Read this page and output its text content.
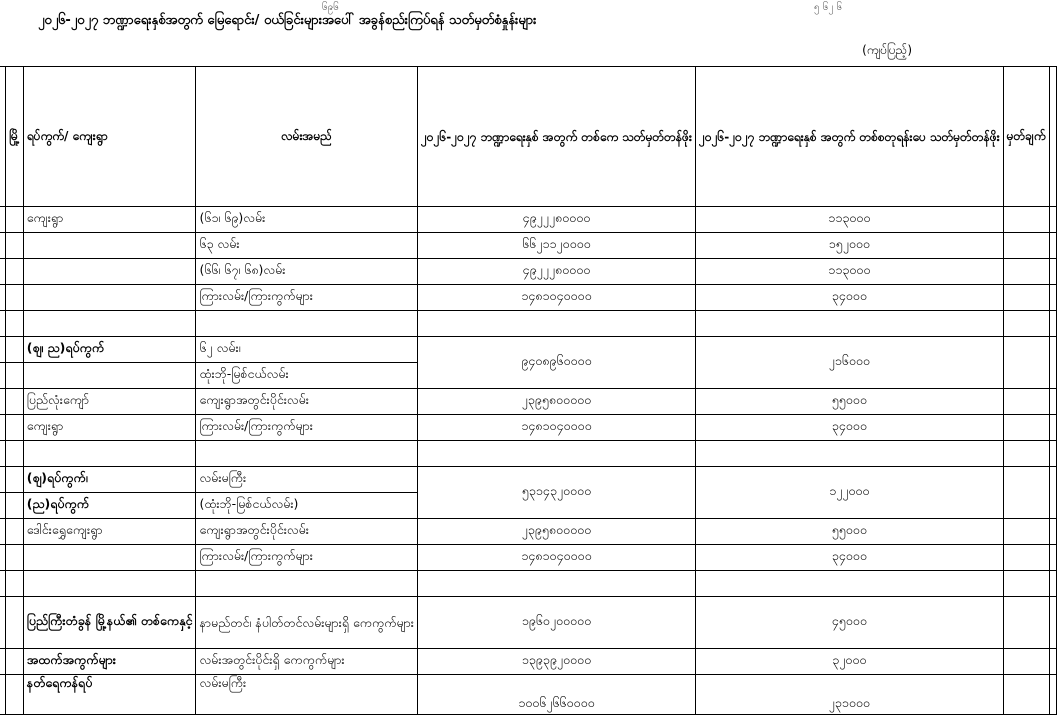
၆၉၆	၅ ၆၂ ၆
၂၀၂၆-၂၀၂၇ ဘဏ္ဍာရေးနှစ်အတွက် မြေရောင်း/ ဝယ်ခြင်းများအပေါ် အခွန်စည်းကြပ်ရန် သတ်မှတ်စံနှုန်းများ
(ကျပ်ပြည့်)
	မြို့	ရပ်ကွက်/ ကျေးရွာ	လမ်းအမည်	၂၀၂၆-၂၀၂၇ ဘဏ္ဍာရေးနှစ် အတွက် တစ်ကေ သတ်မှတ်တန်ဖိုး	၂၀၂၆-၂၀၂၇ ဘဏ္ဍာရေးနှစ် အတွက် တစ်စတုရန်းပေ သတ်မှတ်တန်ဖိုး	မှတ်ချက်	
		ကျေးရွာ	(၆၁၊ ၆၉)လမ်း	၄၉၂၂၂၈၀၀၀၀	၁၁၃၀၀၀		
			၆၃ လမ်း	၆၆၂၁၁၂၀၀၀၀	၁၅၂၀၀၀		
			(၆၆၊ ၆၇၊ ၆၈)လမ်း	၄၉၂၂၂၈၀၀၀၀	၁၁၃၀၀၀		
			ကြားလမ်း/ကြားကွက်များ	၁၄၈၁၀၄၀၀၀၀	၃၄၀၀၀		

		(ဈ၊ ည)ရပ်ကွက်	၆၂ လမ်း၊	၉၄၀၈၉၆၀၀၀၀	၂၁၆၀၀၀		
			ထုံးဘို-မြစ်ငယ်လမ်း				
		ပြည်လုံးကျော်	ကျေးရွာအတွင်းပိုင်းလမ်း	၂၃၉၅၈၀၀၀၀၀	၅၅၀၀၀		
		ကျေးရွာ	ကြားလမ်း/ကြားကွက်များ	၁၄၈၁၀၄၀၀၀၀	၃၄၀၀၀		

		(ဈ)ရပ်ကွက်၊	လမ်းမကြီး	၅၃၁၄၃၂၀၀၀၀	၁၂၂၀၀၀		
		(ည)ရပ်ကွက်	(ထုံးဘို-မြစ်ငယ်လမ်း)				
		ဒေါင်းရွှေကျေးရွာ	ကျေးရွာအတွင်းပိုင်းလမ်း	၂၃၉၅၈၀၀၀၀၀	၅၅၀၀၀		
			ကြားလမ်း/ကြားကွက်များ	၁၄၈၁၀၄၀၀၀၀	၃၄၀၀၀		

		ပြည်ကြီးတံခွန် မြို့နယ်၏ တစ်ကေနှင့်	နာမည်တင်၊ နံပါတ်တင်လမ်းများရှိ ကေကွက်များ	၁၉၆၀၂၀၀၀၀၀	၄၅၀၀၀		
		အထက်အကွက်များ	လမ်းအတွင်းပိုင်းရှိ ကေကွက်များ	၁၃၉၃၉၂၀၀၀၀	၃၂၀၀၀		
		နတ်ရေကန်ရပ်	လမ်းမကြီး	၁၀၀၆၂၆၆၀၀၀၀	၂၃၁၀၀၀		
